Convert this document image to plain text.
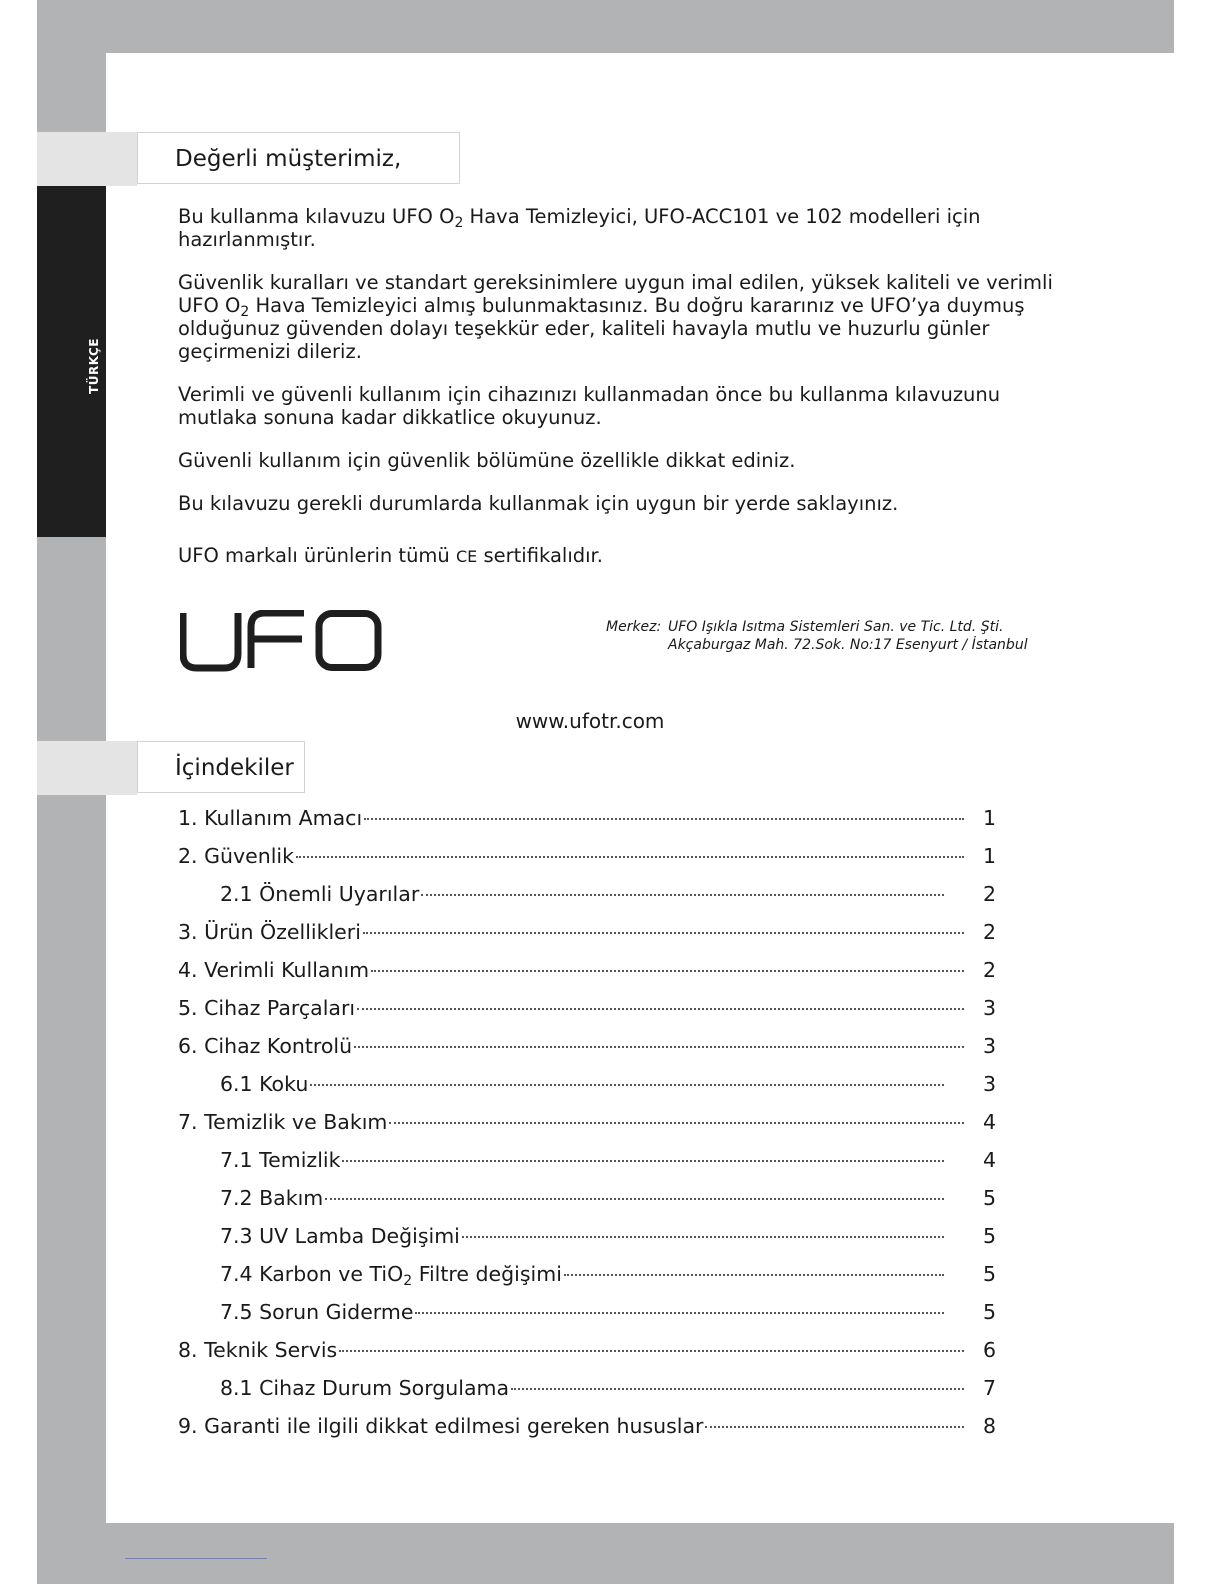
TÜRKÇE
Değerli müşterimiz,

Bu kullanma kılavuzu UFO $O_2$ Hava Temizleyici, UFO-ACC101 ve 102 modelleri için hazırlanmıştır.

Güvenlik kuralları ve standart gereksinimlere uygun imal edilen, yüksek kaliteli ve verimli UFO $O_2$ Hava Temizleyici almış bulunmaktasınız. Bu doğru kararınız ve UFO’ya duymuş olduğunuz güvenden dolayı teşekkür eder, kaliteli havayla mutlu ve huzurlu günler geçirmenizi dileriz.

Verimli ve güvenli kullanım için cihazınızı kullanmadan önce bu kullanma kılavuzunu mutlaka sonuna kadar dikkatlice okuyunuz.

Güvenli kullanım için güvenlik bölümüne özellikle dikkat ediniz.

Bu kılavuzu gerekli durumlarda kullanmak için uygun bir yerde saklayınız.

UFO markalı ürünlerin tümü CE sertifikalıdır.

UFO
Merkez: UFO Işıkla Isıtma Sistemleri San. ve Tic. Ltd. Şti.
Akçaburgaz Mah. 72.Sok. No:17 Esenyurt / İstanbul
www.ufotr.com
İçindekiler
1. Kullanım Amacı	1
2. Güvenlik	1
2.1 Önemli Uyarılar	2
3. Ürün Özellikleri	2
4. Verimli Kullanım	2
5. Cihaz Parçaları	3
6. Cihaz Kontrolü	3
6.1 Koku	3
7. Temizlik ve Bakım	4
7.1 Temizlik	4
7.2 Bakım	5
7.3 UV Lamba Değişimi	5
7.4 Karbon ve TiO$_2$ Filtre değişimi	5
7.5 Sorun Giderme	5
8. Teknik Servis	6
8.1 Cihaz Durum Sorgulama	7
9. Garanti ile ilgili dikkat edilmesi gereken hususlar	8
